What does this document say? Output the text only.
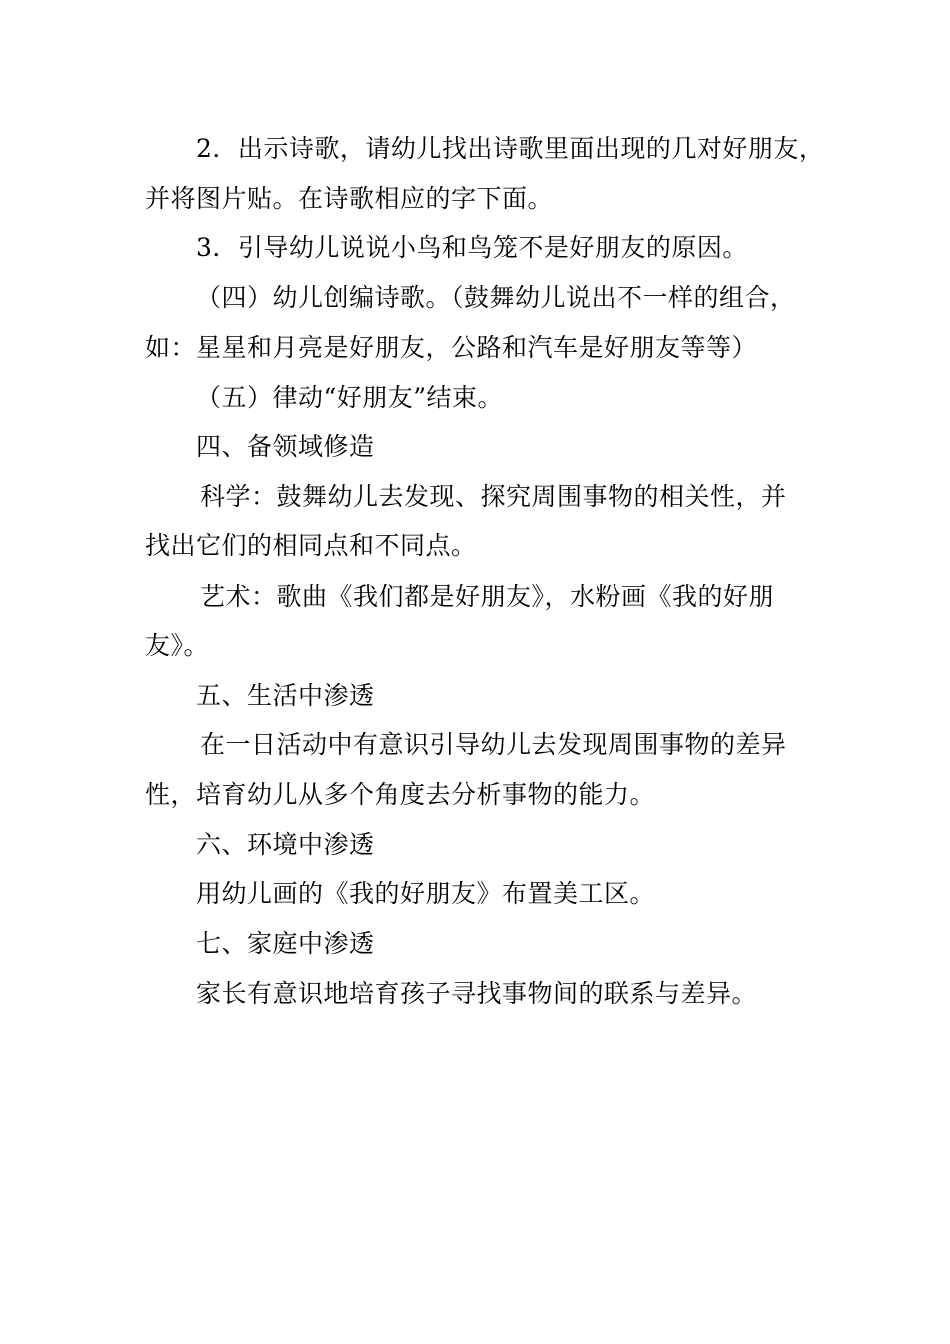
2．出示诗歌，请幼儿找出诗歌里面出现的几对好朋友，
并将图片贴。在诗歌相应的字下面。
3．引导幼儿说说小鸟和鸟笼不是好朋友的原因。
（四）幼儿创编诗歌。（鼓舞幼儿说出不一样的组合，
如：星星和月亮是好朋友，公路和汽车是好朋友等等）
（五）律动“好朋友”结束。
四、备领域修造
科学：鼓舞幼儿去发现、探究周围事物的相关性，并
找出它们的相同点和不同点。
艺术：歌曲《我们都是好朋友》，水粉画《我的好朋
友》。
五、生活中渗透
在一日活动中有意识引导幼儿去发现周围事物的差异
性，培育幼儿从多个角度去分析事物的能力。
六、环境中渗透
用幼儿画的《我的好朋友》布置美工区。
七、家庭中渗透
家长有意识地培育孩子寻找事物间的联系与差异。
